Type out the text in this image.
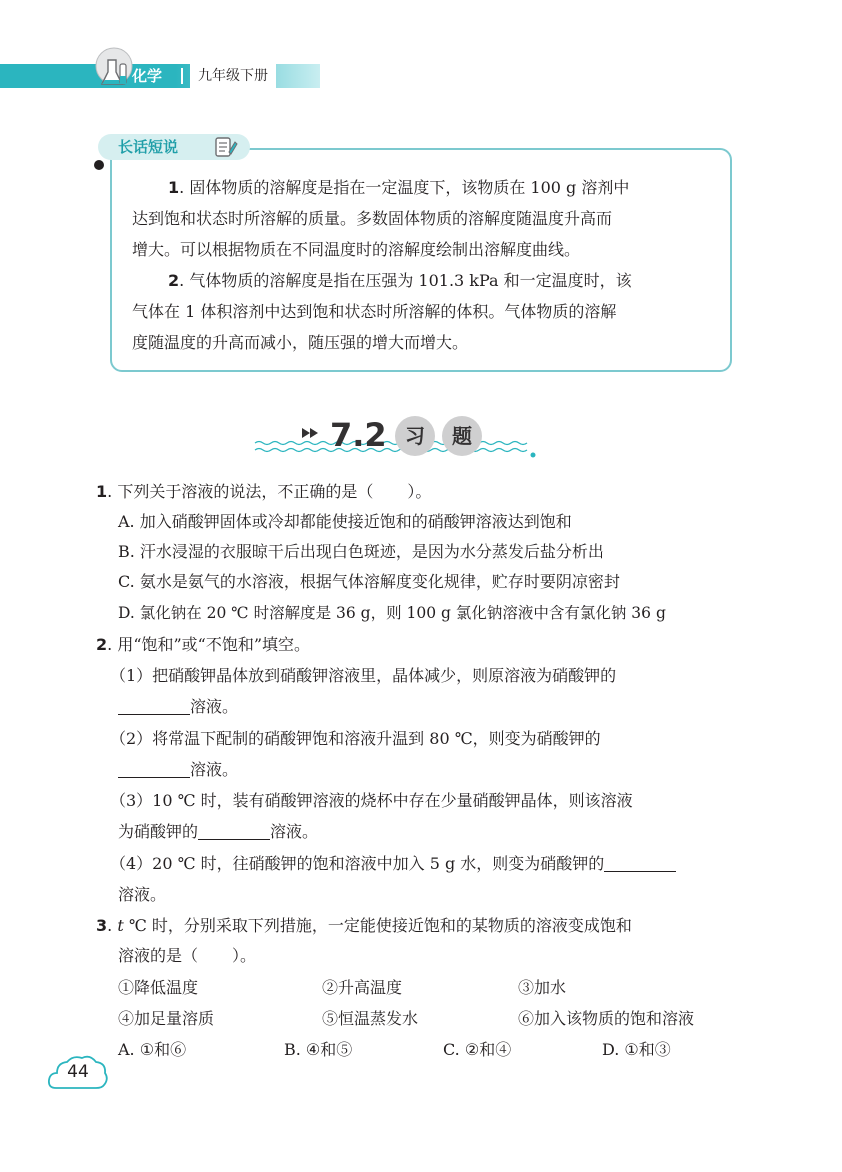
化学	九年级下册
长话短说

1. 固体物质的溶解度是指在一定温度下，该物质在 100 g 溶剂中
达到饱和状态时所溶解的质量。多数固体物质的溶解度随温度升高而
增大。可以根据物质在不同温度时的溶解度绘制出溶解度曲线。

2. 气体物质的溶解度是指在压强为 101.3 kPa 和一定温度时，该
气体在 1 体积溶剂中达到饱和状态时所溶解的体积。气体物质的溶解
度随温度的升高而减小，随压强的增大而增大。

7.2 习	题
1. 下列关于溶液的说法，不正确的是（ ）。
A. 加入硝酸钾固体或冷却都能使接近饱和的硝酸钾溶液达到饱和
B. 汗水浸湿的衣服晾干后出现白色斑迹，是因为水分蒸发后盐分析出
C. 氨水是氨气的水溶液，根据气体溶解度变化规律，贮存时要阴凉密封
D. 氯化钠在 20 ℃ 时溶解度是 36 g，则 100 g 氯化钠溶液中含有氯化钠 36 g
2. 用“饱和”或“不饱和”填空。
（1）把硝酸钾晶体放到硝酸钾溶液里，晶体减少，则原溶液为硝酸钾的
溶液。
（2）将常温下配制的硝酸钾饱和溶液升温到 80 ℃，则变为硝酸钾的
溶液。
（3）10 ℃ 时，装有硝酸钾溶液的烧杯中存在少量硝酸钾晶体，则该溶液
为硝酸钾的	溶液。
（4）20 ℃ 时，往硝酸钾的饱和溶液中加入 5 g 水，则变为硝酸钾的
溶液。
3. t ℃ 时，分别采取下列措施，一定能使接近饱和的某物质的溶液变成饱和
溶液的是（ ）。
①降低温度	②升高温度	③加水
④加足量溶质	⑤恒温蒸发水	⑥加入该物质的饱和溶液
A. ①和⑥	B. ④和⑤	C. ②和④	D. ①和③
44
